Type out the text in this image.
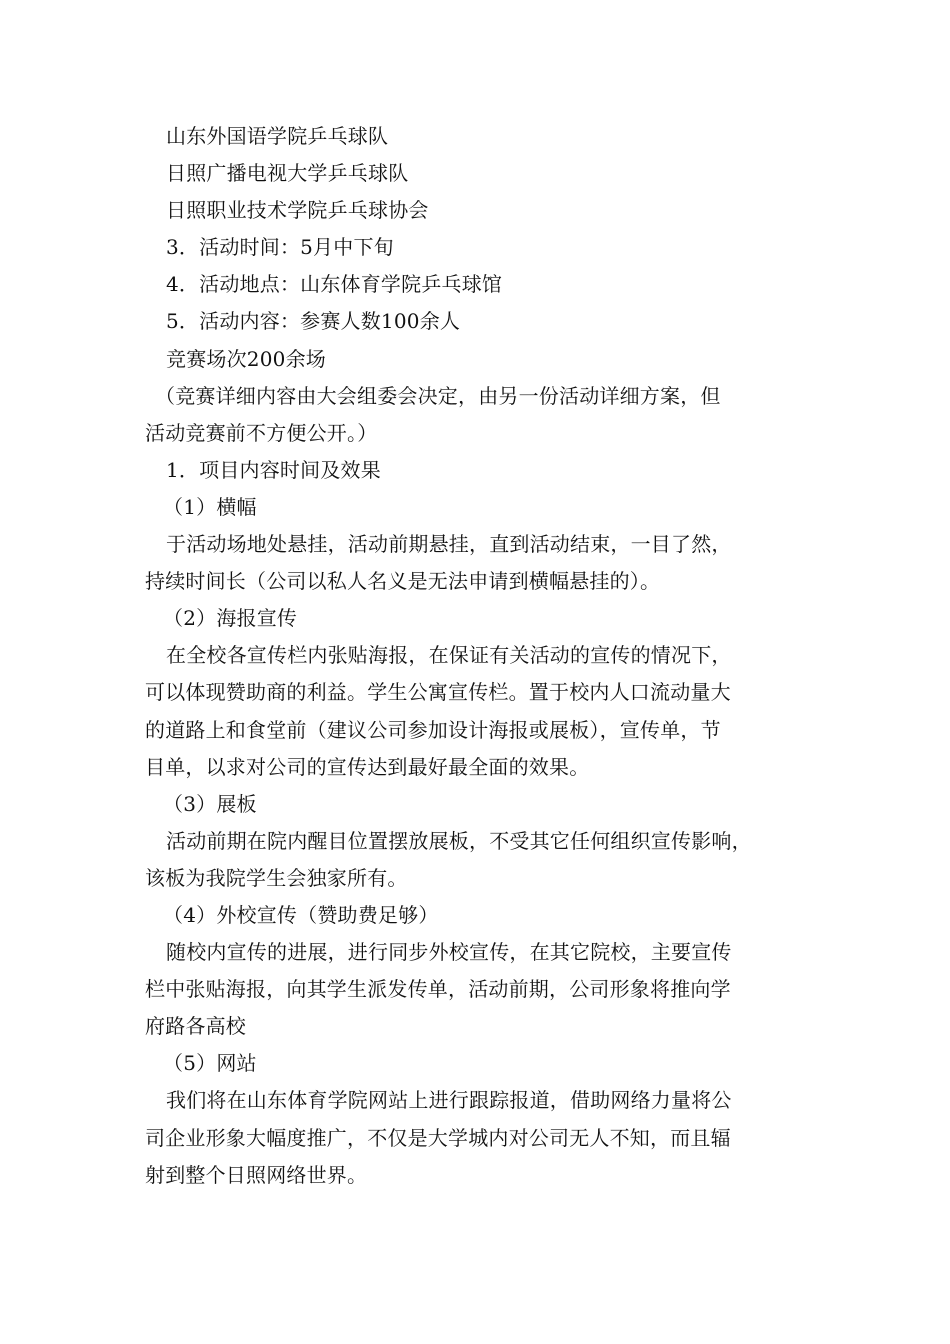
山东外国语学院乒乓球队
日照广播电视大学乒乓球队
日照职业技术学院乒乓球协会
3．活动时间：5月中下旬
4．活动地点：山东体育学院乒乓球馆
5．活动内容：参赛人数100余人
竞赛场次200余场
（竞赛详细内容由大会组委会决定，由另一份活动详细方案，但
活动竞赛前不方便公开。）
1．项目内容时间及效果
（1）横幅
于活动场地处悬挂，活动前期悬挂，直到活动结束，一目了然，
持续时间长（公司以私人名义是无法申请到横幅悬挂的）。
（2）海报宣传
在全校各宣传栏内张贴海报，在保证有关活动的宣传的情况下，
可以体现赞助商的利益。学生公寓宣传栏。置于校内人口流动量大
的道路上和食堂前（建议公司参加设计海报或展板），宣传单，节
目单，以求对公司的宣传达到最好最全面的效果。
（3）展板
活动前期在院内醒目位置摆放展板，不受其它任何组织宣传影响，
该板为我院学生会独家所有。
（4）外校宣传（赞助费足够）
随校内宣传的进展，进行同步外校宣传，在其它院校，主要宣传
栏中张贴海报，向其学生派发传单，活动前期，公司形象将推向学
府路各高校
（5）网站
我们将在山东体育学院网站上进行跟踪报道，借助网络力量将公
司企业形象大幅度推广，不仅是大学城内对公司无人不知，而且辐
射到整个日照网络世界。
